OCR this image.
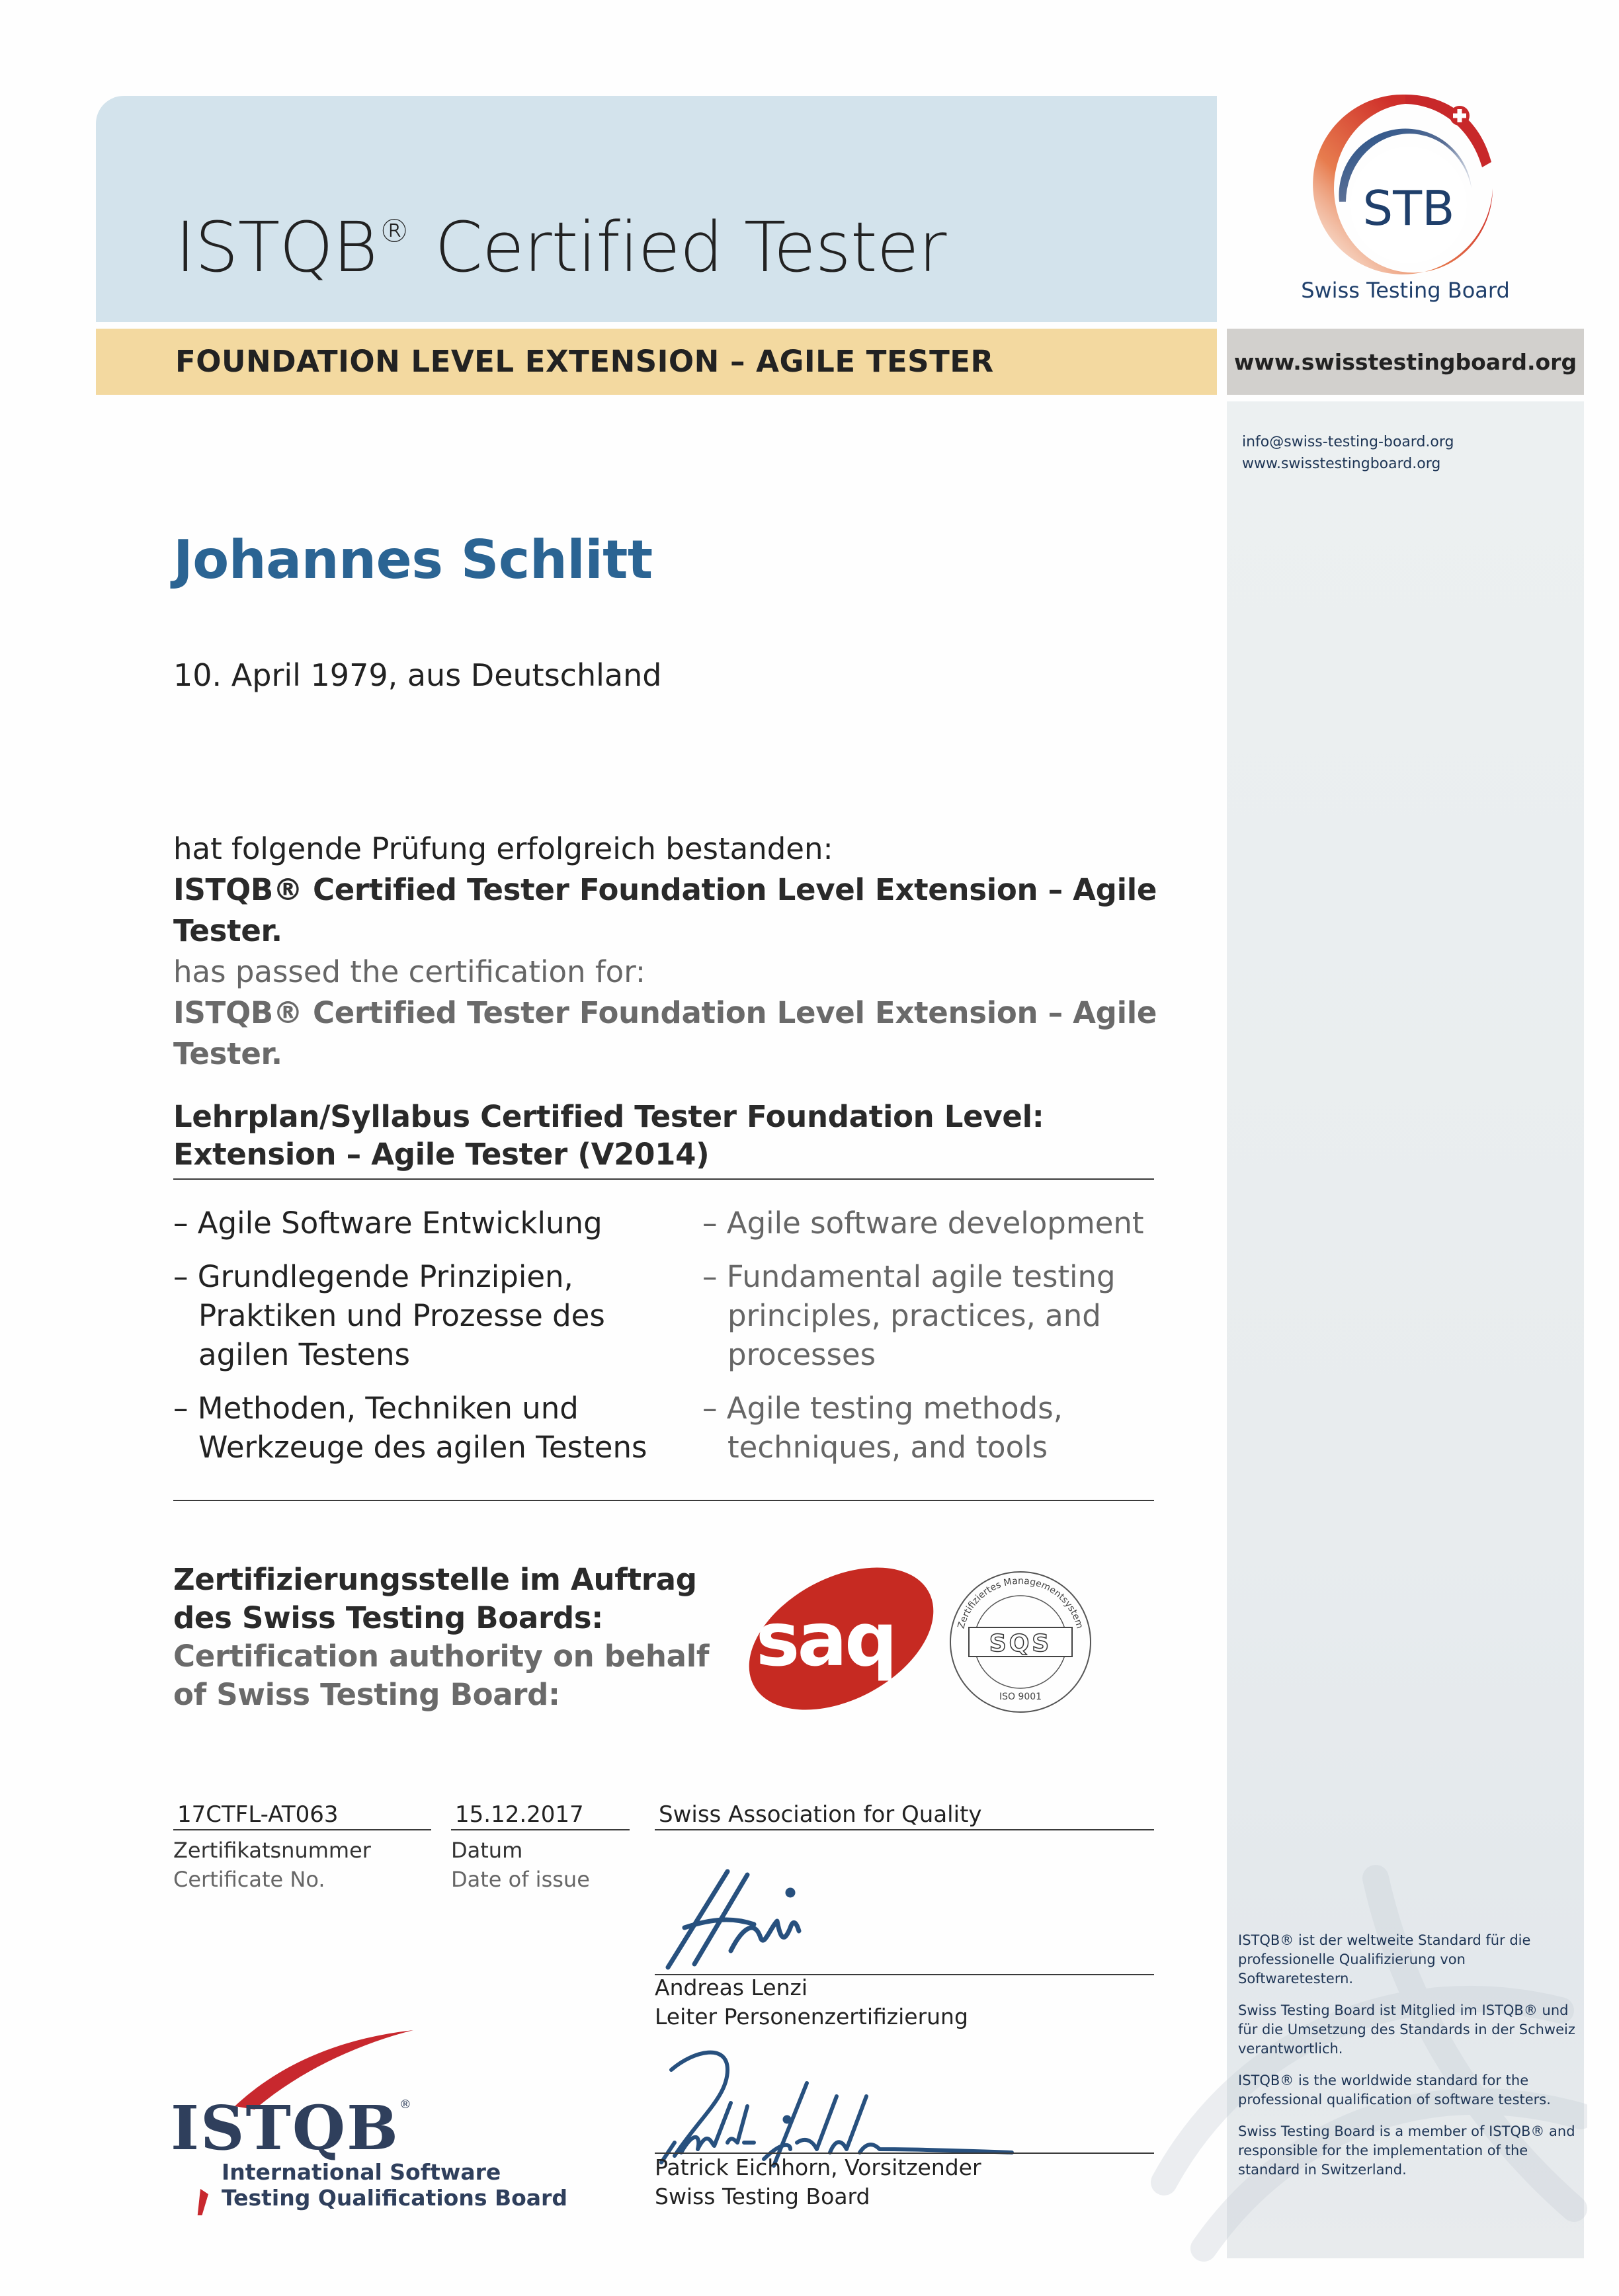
ISTQB® Certified Tester
FOUNDATION LEVEL EXTENSION – AGILE TESTER
STB
Swiss Testing Board
www.swisstestingboard.org
info@swiss-testing-board.org
www.swisstestingboard.org

ISTQB® ist der weltweite Standard für die professionelle Qualifizierung von Softwaretestern.

Swiss Testing Board ist Mitglied im ISTQB® und für die Umsetzung des Standards in der Schweiz verantwortlich.

ISTQB® is the worldwide standard for the professional qualification of software testers.

Swiss Testing Board is a member of ISTQB® and responsible for the implementation of the standard in Switzerland.

Johannes Schlitt
10. April 1979, aus Deutschland
hat folgende Prüfung erfolgreich bestanden:
ISTQB® Certified Tester Foundation Level Extension – Agile Tester.
has passed the certification for:
ISTQB® Certified Tester Foundation Level Extension – Agile Tester.
Lehrplan/Syllabus Certified Tester Foundation Level:
Extension – Agile Tester (V2014)
– Agile Software Entwicklung
– Grundlegende Prinzipien, Praktiken und Prozesse des agilen Testens
– Methoden, Techniken und Werkzeuge des agilen Testens
– Agile software development
– Fundamental agile testing principles, practices, and processes
– Agile testing methods, techniques, and tools
Zertifizierungsstelle im Auftrag
des Swiss Testing Boards:
Certification authority on behalf
of Swiss Testing Board:
saq	Zertifiziertes Managementsystem
SQS
ISO 9001
17CTFL-AT063
Zertifikatsnummer
Certificate No.
15.12.2017
Datum
Date of issue
Swiss Association for Quality
Andreas Lenzi
Leiter Personenzertifizierung
Patrick Eichhorn, Vorsitzender
Swiss Testing Board
ISTQB®
International Software
Testing Qualifications Board
